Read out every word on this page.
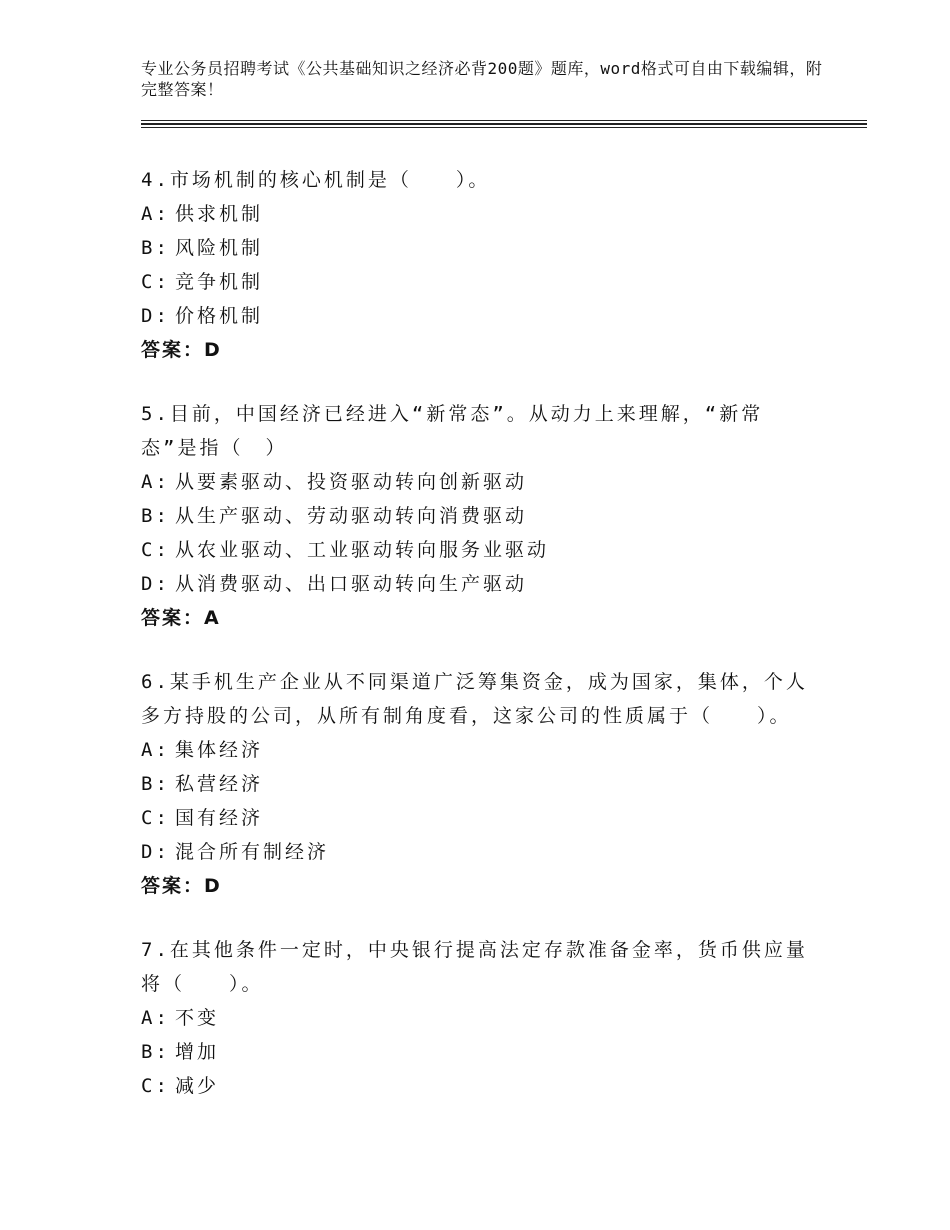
专业公务员招聘考试《公共基础知识之经济必背200题》题库，word格式可自由下载编辑，附完整答案！
4.市场机制的核心机制是（　　）。
A: 供求机制
B: 风险机制
C: 竞争机制
D: 价格机制
答案：D
5.目前，中国经济已经进入“新常态”。从动力上来理解，“新常态”是指（　）
A: 从要素驱动、投资驱动转向创新驱动
B: 从生产驱动、劳动驱动转向消费驱动
C: 从农业驱动、工业驱动转向服务业驱动
D: 从消费驱动、出口驱动转向生产驱动
答案：A
6.某手机生产企业从不同渠道广泛筹集资金，成为国家，集体，个人多方持股的公司，从所有制角度看，这家公司的性质属于（　　）。
A: 集体经济
B: 私营经济
C: 国有经济
D: 混合所有制经济
答案：D
7.在其他条件一定时，中央银行提高法定存款准备金率，货币供应量将（　　）。
A: 不变
B: 增加
C: 减少
